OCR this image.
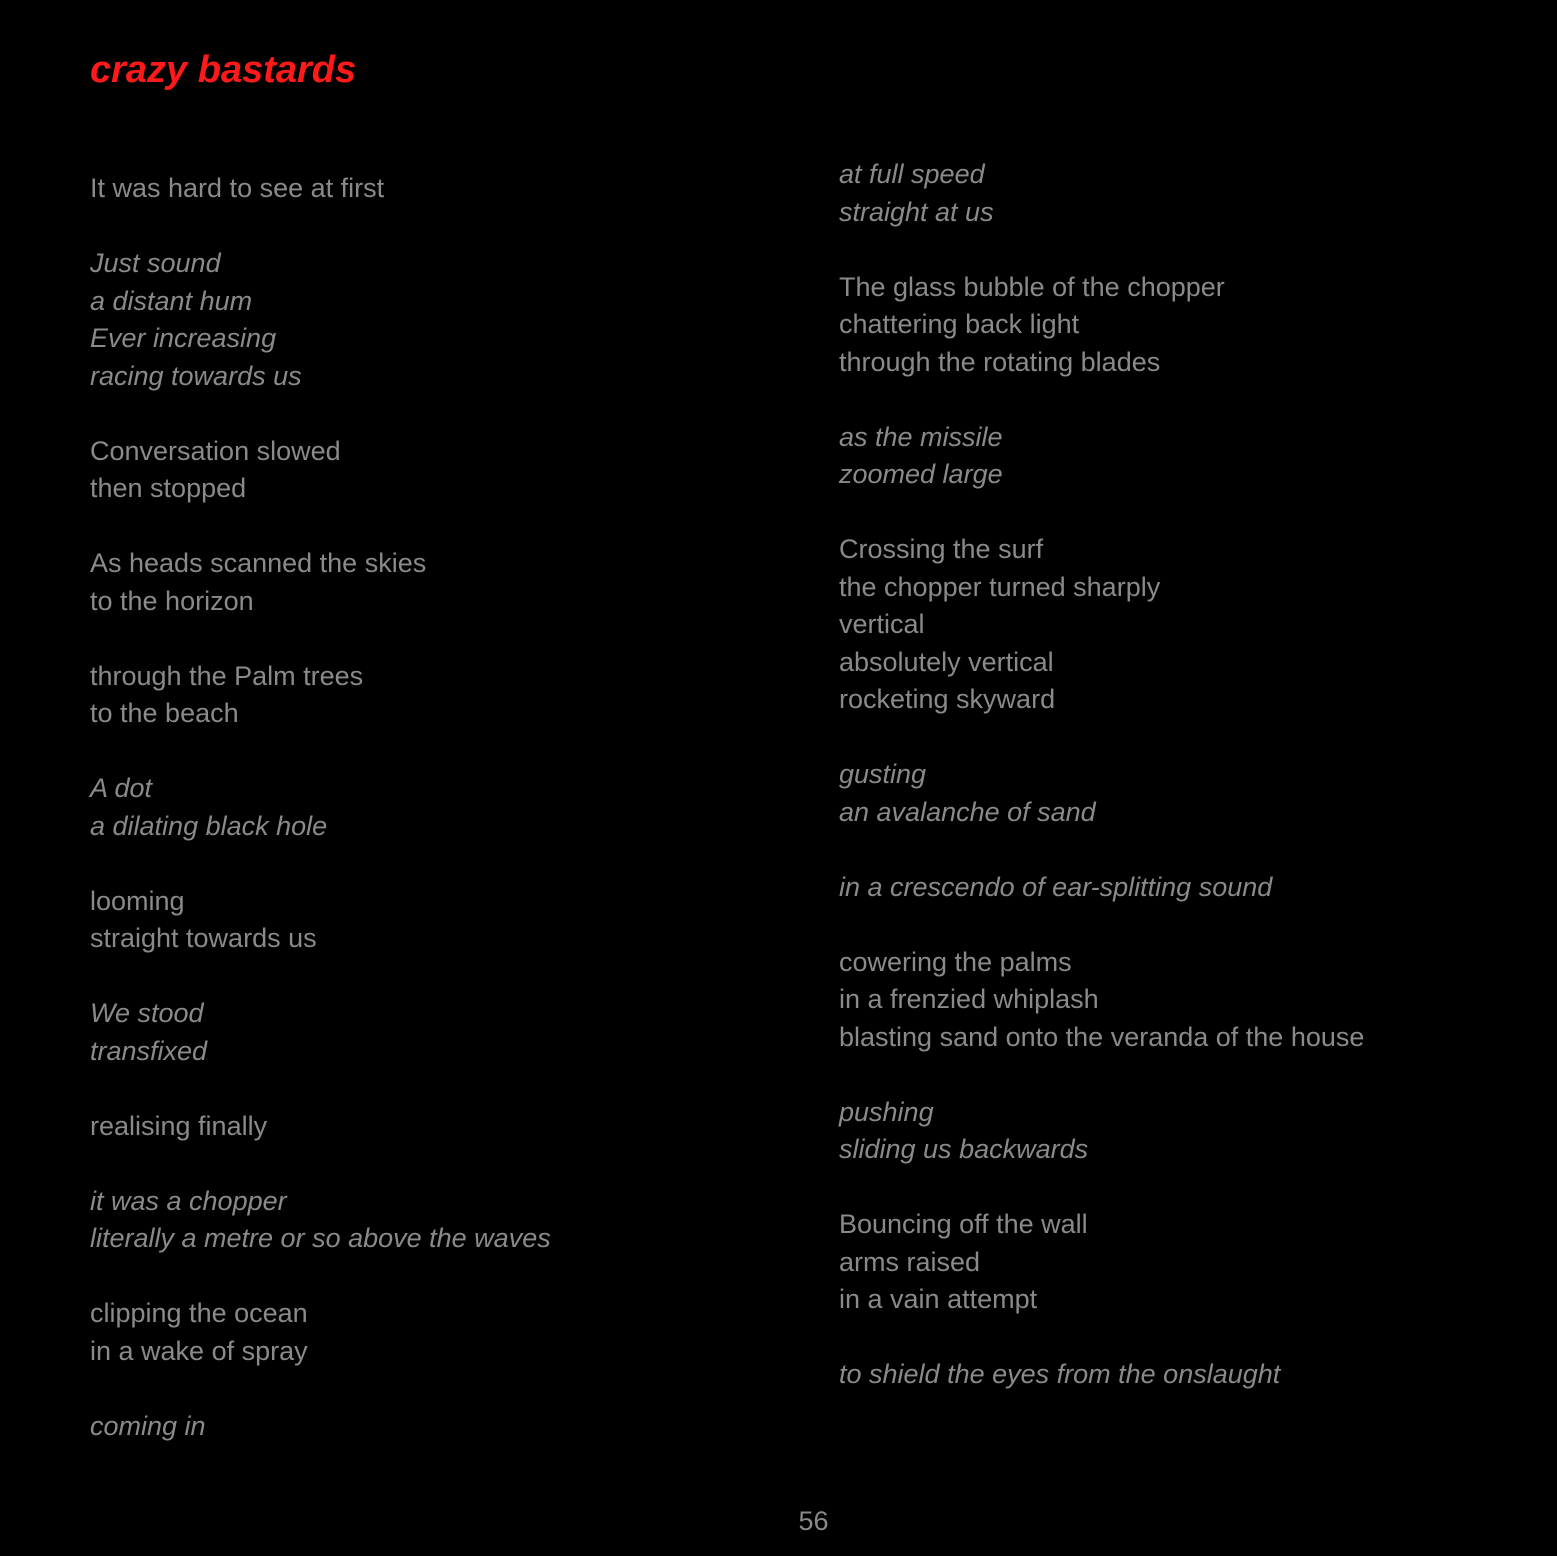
crazy bastards
It was hard to see at first
Just sound
a distant hum
Ever increasing
racing towards us
Conversation slowed
then stopped
As heads scanned the skies
to the horizon
through the Palm trees
to the beach
A dot
a dilating black hole
looming
straight towards us
We stood
transfixed
realising finally
it was a chopper
literally a metre or so above the waves
clipping the ocean
in a wake of spray
coming in
at full speed
straight at us
The glass bubble of the chopper
chattering back light
through the rotating blades
as the missile
zoomed large
Crossing the surf
the chopper turned sharply
vertical
absolutely vertical
rocketing skyward
gusting
an avalanche of sand
in a crescendo of ear-splitting sound
cowering the palms
in a frenzied whiplash
blasting sand onto the veranda of the house
pushing
sliding us backwards
Bouncing off the wall
arms raised
in a vain attempt
to shield the eyes from the onslaught
56
